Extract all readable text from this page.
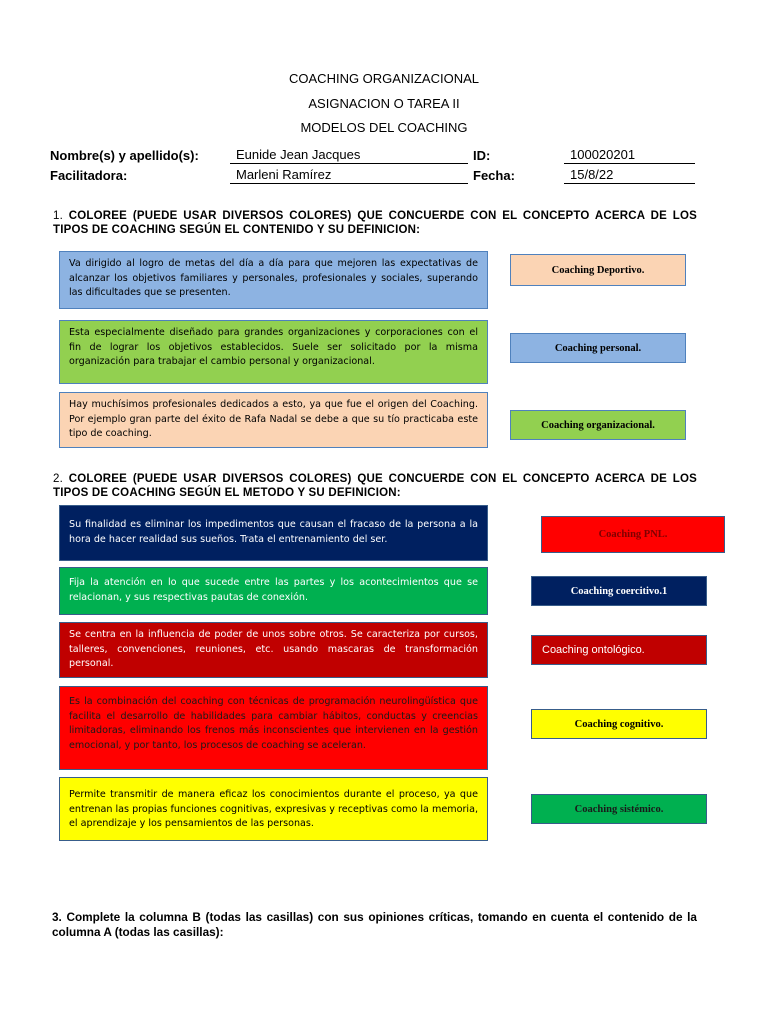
COACHING ORGANIZACIONAL
ASIGNACION O TAREA II
MODELOS DEL COACHING
Nombre(s) y apellido(s):	Eunide Jean Jacques	ID:	100020201
Facilitadora:	Marleni Ramírez	Fecha:	15/8/22
1. COLOREE (PUEDE USAR DIVERSOS COLORES) QUE CONCUERDE CON EL CONCEPTO ACERCA DE LOS TIPOS DE COACHING SEGÚN EL CONTENIDO Y SU DEFINICION:
Va dirigido al logro de metas del día a día para que mejoren las expectativas de alcanzar los objetivos familiares y personales, profesionales y sociales, superando las dificultades que se presenten.
Esta especialmente diseñado para grandes organizaciones y corporaciones con el fin de lograr los objetivos establecidos. Suele ser solicitado por la misma organización para trabajar el cambio personal y organizacional.
Hay muchísimos profesionales dedicados a esto, ya que fue el origen del Coaching. Por ejemplo gran parte del éxito de Rafa Nadal se debe a que su tío practicaba este tipo de coaching.
Coaching Deportivo.
Coaching personal.
Coaching organizacional.
2. COLOREE (PUEDE USAR DIVERSOS COLORES) QUE CONCUERDE CON EL CONCEPTO ACERCA DE LOS TIPOS DE COACHING SEGÚN EL METODO Y SU DEFINICION:
Su finalidad es eliminar los impedimentos que causan el fracaso de la persona a la hora de hacer realidad sus sueños. Trata el entrenamiento del ser.
Fija la atención en lo que sucede entre las partes y los acontecimientos que se relacionan, y sus respectivas pautas de conexión.
Se centra en la influencia de poder de unos sobre otros. Se caracteriza por cursos, talleres, convenciones, reuniones, etc. usando mascaras de transformación personal.
Es la combinación del coaching con técnicas de programación neurolingüística que facilita el desarrollo de habilidades para cambiar hábitos, conductas y creencias limitadoras, eliminando los frenos más inconscientes que intervienen en la gestión emocional, y por tanto, los procesos de coaching se aceleran.
Permite transmitir de manera eficaz los conocimientos durante el proceso, ya que entrenan las propias funciones cognitivas, expresivas y receptivas como la memoria, el aprendizaje y los pensamientos de las personas.
Coaching PNL.
Coaching coercitivo.1
Coaching ontológico.
Coaching cognitivo.
Coaching sistémico.
3. Complete la columna B (todas las casillas) con sus opiniones críticas, tomando en cuenta el contenido de la columna A (todas las casillas):
